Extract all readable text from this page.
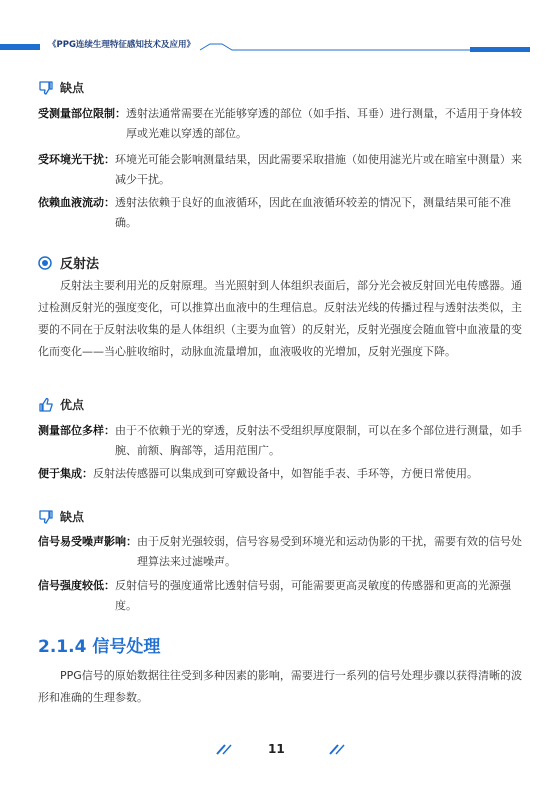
《PPG连续生理特征感知技术及应用》
缺点
受测量部位限制： 透射法通常需要在光能够穿透的部位（如手指、耳垂）进行测量，不适用于身体较厚或光难以穿透的部位。
受环境光干扰： 环境光可能会影响测量结果，因此需要采取措施（如使用滤光片或在暗室中测量）来减少干扰。
依赖血液流动： 透射法依赖于良好的血液循环，因此在血液循环较差的情况下，测量结果可能不准确。
反射法
反射法主要利用光的反射原理。当光照射到人体组织表面后，部分光会被反射回光电传感器。通过检测反射光的强度变化，可以推算出血液中的生理信息。反射法光线的传播过程与透射法类似，主要的不同在于反射法收集的是人体组织（主要为血管）的反射光，反射光强度会随血管中血液量的变化而变化——当心脏收缩时，动脉血流量增加，血液吸收的光增加，反射光强度下降。
优点
测量部位多样： 由于不依赖于光的穿透，反射法不受组织厚度限制，可以在多个部位进行测量，如手腕、前额、胸部等，适用范围广。
便于集成： 反射法传感器可以集成到可穿戴设备中，如智能手表、手环等，方便日常使用。
缺点
信号易受噪声影响： 由于反射光强较弱，信号容易受到环境光和运动伪影的干扰，需要有效的信号处理算法来过滤噪声。
信号强度较低： 反射信号的强度通常比透射信号弱，可能需要更高灵敏度的传感器和更高的光源强度。
2.1.4 信号处理
PPG信号的原始数据往往受到多种因素的影响，需要进行一系列的信号处理步骤以获得清晰的波形和准确的生理参数。
11
